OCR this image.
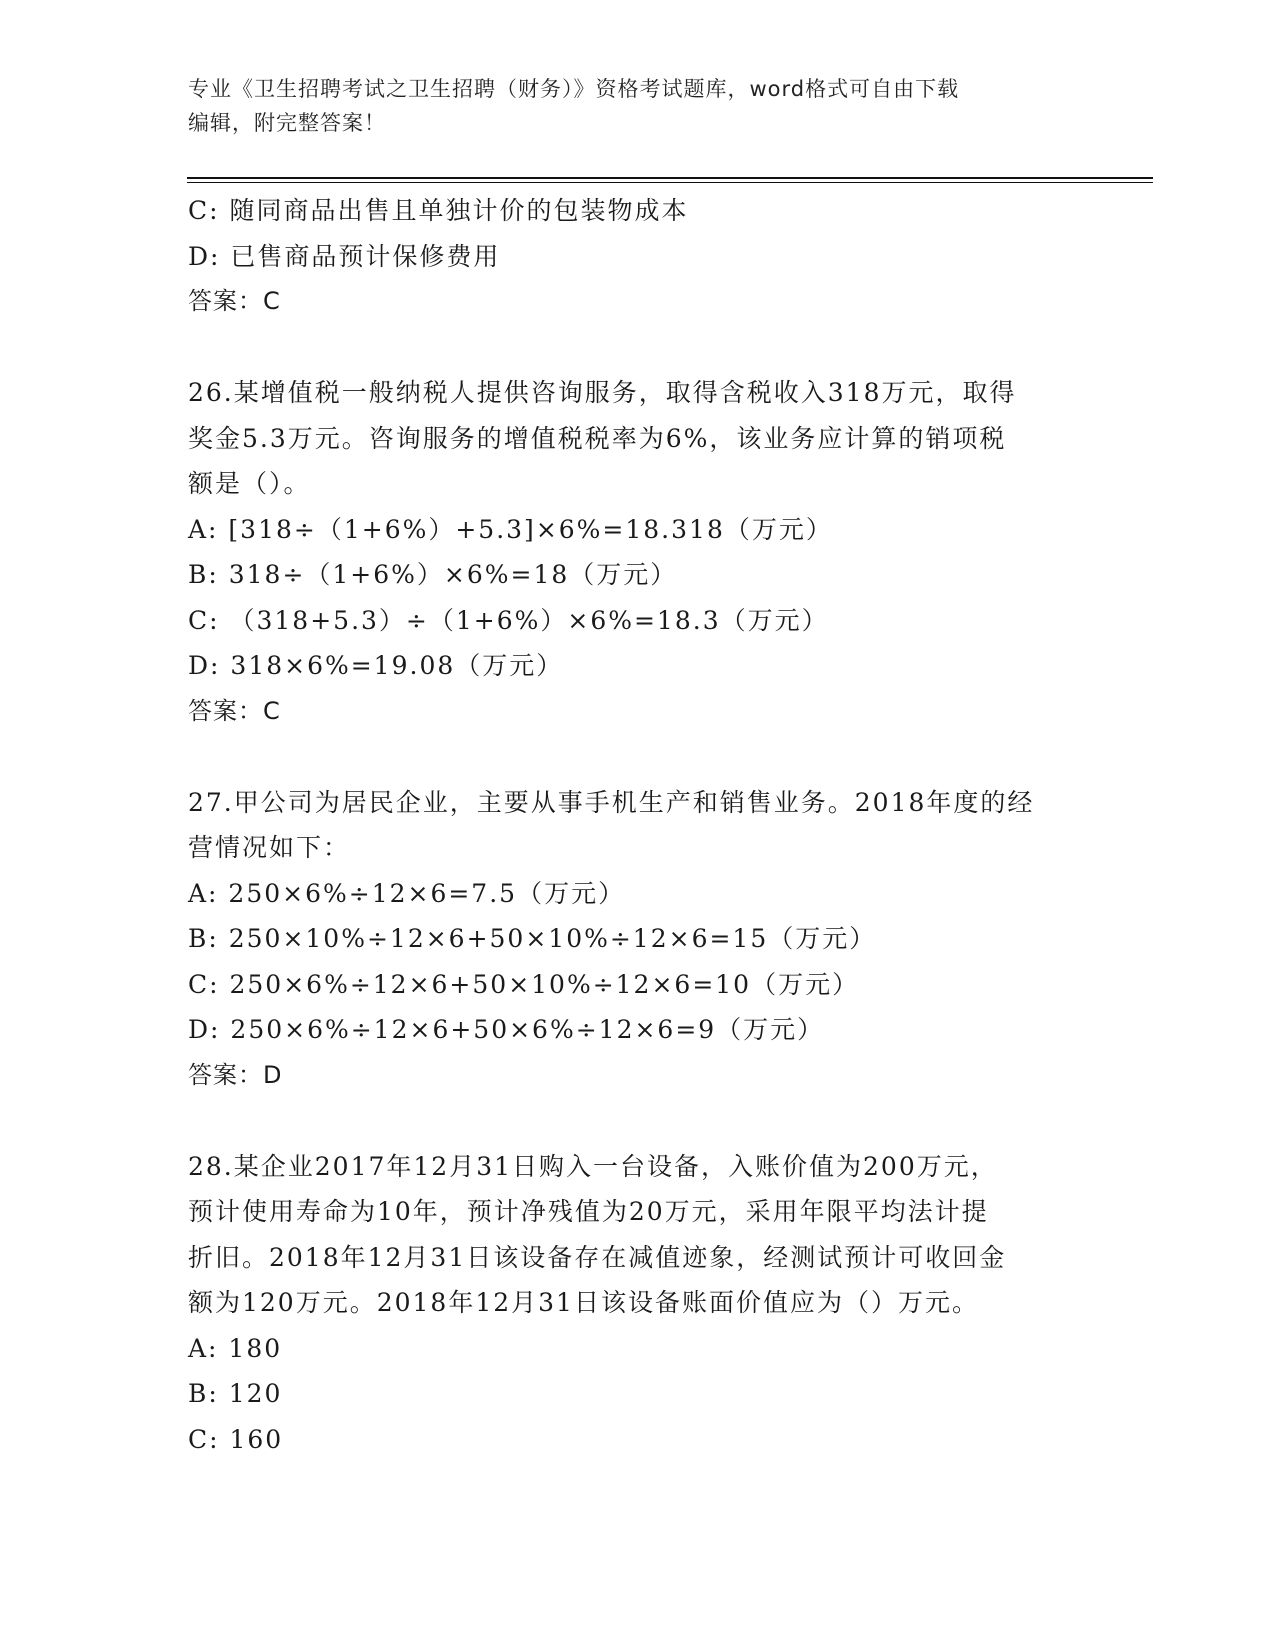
专业《卫生招聘考试之卫生招聘（财务）》资格考试题库，word格式可自由下载
编辑，附完整答案！
C: 随同商品出售且单独计价的包装物成本
D: 已售商品预计保修费用
答案：C
26.某增值税一般纳税人提供咨询服务，取得含税收入318万元，取得
奖金5.3万元。咨询服务的增值税税率为6%，该业务应计算的销项税
额是（）。
A: [318÷（1+6%）+5.3]×6%=18.318（万元）
B: 318÷（1+6%）×6%=18（万元）
C: （318+5.3）÷（1+6%）×6%=18.3（万元）
D: 318×6%=19.08（万元）
答案：C
27.甲公司为居民企业，主要从事手机生产和销售业务。2018年度的经
营情况如下：
A: 250×6%÷12×6=7.5（万元）
B: 250×10%÷12×6+50×10%÷12×6=15（万元）
C: 250×6%÷12×6+50×10%÷12×6=10（万元）
D: 250×6%÷12×6+50×6%÷12×6=9（万元）
答案：D
28.某企业2017年12月31日购入一台设备，入账价值为200万元，
预计使用寿命为10年，预计净残值为20万元，采用年限平均法计提
折旧。2018年12月31日该设备存在减值迹象，经测试预计可收回金
额为120万元。2018年12月31日该设备账面价值应为（）万元。
A: 180
B: 120
C: 160
